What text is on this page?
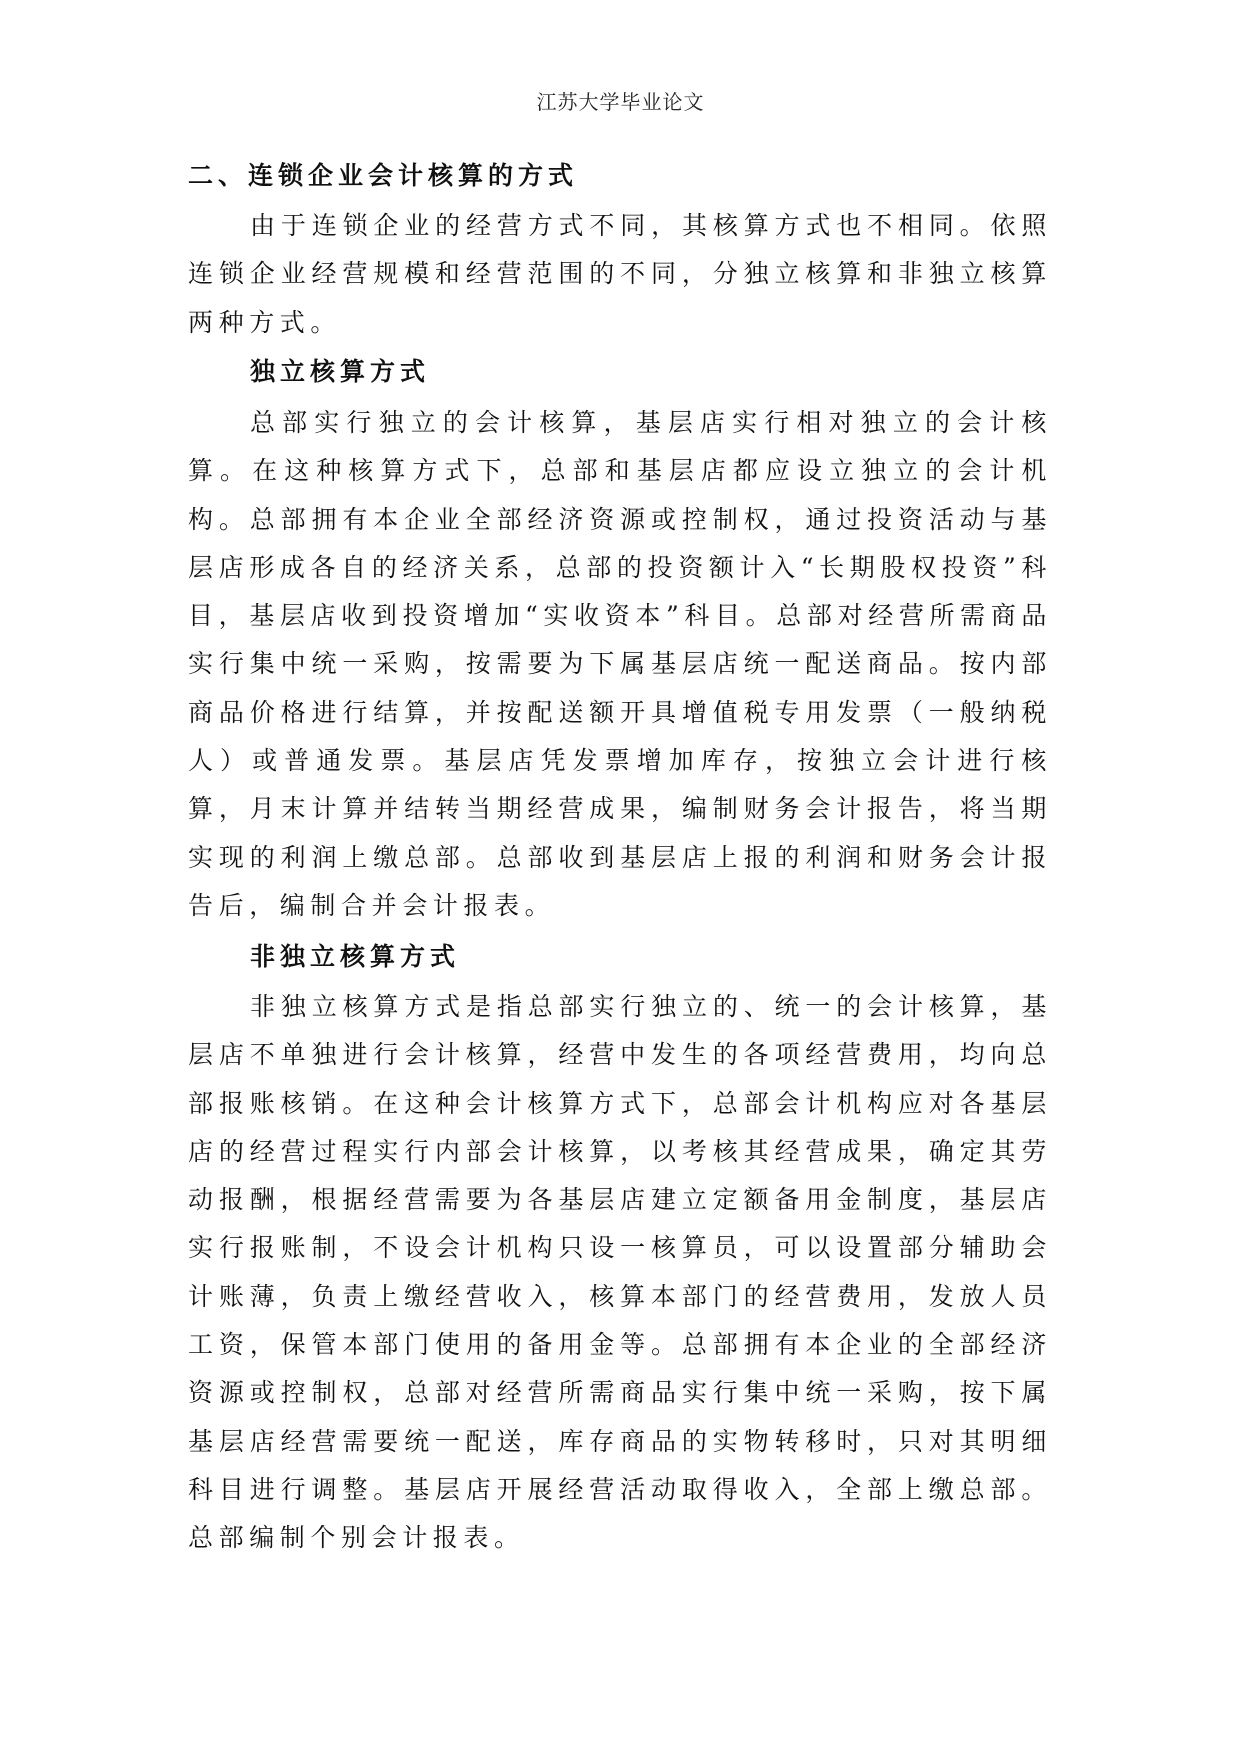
江苏大学毕业论文
二、连锁企业会计核算的方式

由于连锁企业的经营方式不同，其核算方式也不相同。依照连锁企业经营规模和经营范围的不同，分独立核算和非独立核算两种方式。

独立核算方式

总部实行独立的会计核算，基层店实行相对独立的会计核算。在这种核算方式下，总部和基层店都应设立独立的会计机构。总部拥有本企业全部经济资源或控制权，通过投资活动与基层店形成各自的经济关系，总部的投资额计入“长期股权投资”科目，基层店收到投资增加“实收资本”科目。总部对经营所需商品实行集中统一采购，按需要为下属基层店统一配送商品。按内部商品价格进行结算，并按配送额开具增值税专用发票（一般纳税人）或普通发票。基层店凭发票增加库存，按独立会计进行核算，月末计算并结转当期经营成果，编制财务会计报告，将当期实现的利润上缴总部。总部收到基层店上报的利润和财务会计报告后，编制合并会计报表。

非独立核算方式

非独立核算方式是指总部实行独立的、统一的会计核算，基层店不单独进行会计核算，经营中发生的各项经营费用，均向总部报账核销。在这种会计核算方式下，总部会计机构应对各基层店的经营过程实行内部会计核算，以考核其经营成果，确定其劳动报酬，根据经营需要为各基层店建立定额备用金制度，基层店实行报账制，不设会计机构只设一核算员，可以设置部分辅助会计账薄，负责上缴经营收入，核算本部门的经营费用，发放人员工资，保管本部门使用的备用金等。总部拥有本企业的全部经济资源或控制权，总部对经营所需商品实行集中统一采购，按下属基层店经营需要统一配送，库存商品的实物转移时，只对其明细科目进行调整。基层店开展经营活动取得收入，全部上缴总部。总部编制个别会计报表。
